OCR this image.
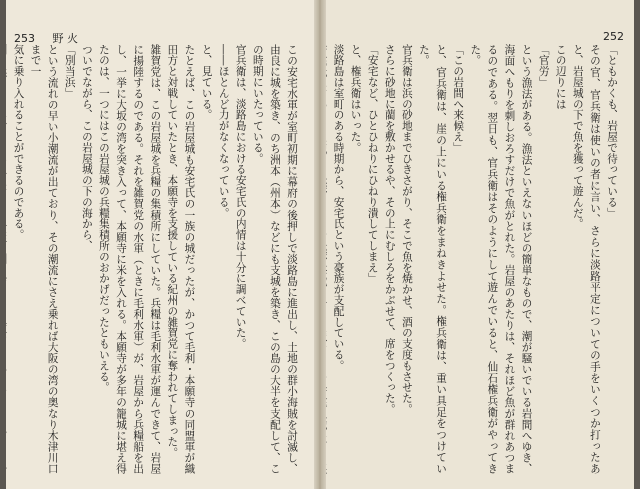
253 野 火

この安宅水軍が室町初期に幕府の後押しで淡路島に進出し、土地の群小海賊を討滅し、由良に城を築き、のち洲本（州本）などにも支城を築き、この島の大半を支配して、この時期にいたっている。

官兵衛は、淡路島における安宅氏の内情は十分に調べていた。

――ほとんど力がなくなっている。

と、見ている。

たとえば、この岩屋城も安宅氏の一族の城だったが、かつて毛利・本願寺の同盟軍が織田方と対戦していたとき、本願寺を支援している紀州の雑賀党に奪われてしまった。

雑賀党は、この岩屋城を兵糧の集積所にしていた。兵糧は毛利水軍が運んできて、岩屋に揚陸するのである。それを雑賀党の水軍（ときに毛利水軍）が、岩屋から兵糧船を出し、一挙に大坂の湾を突き入って、本願寺に米を入れる。本願寺が多年の籠城に堪え得たのは、一つにはこの岩屋城の兵糧集積所のおかげだったともいえる。

ついでながら、この岩屋城の下の海から、

「別当浜」

という流れの早い小潮流が出ており、その潮流にさえ乗れば大阪の湾の奥なり木津川口まで一

気に乗り入れることができるのである。

252

「ともかくも、岩屋で待っている」

その官、官兵衛は使いの者に言い、さらに淡路平定についての手をいくつか打ったあと、岩屋城の下で魚を獲って遊んだ。

この辺りには

「官労」

という漁法がある。漁法といえないほどの簡単なもので、潮が騒いでいる岩間へゆき、海面へもりを刺しおろすだけで魚がとれた。岩屋のあたりは、それほど魚が群れあつまるのである。翌日も、官兵衛はそのようにして遊んでいると、仙石権兵衛がやってきた。

「この岩間へ来候え」

と、官兵衛は、崖の上にいる権兵衛をまねきよせた。権兵衛は、重い具足をつけていた。

官兵衛は浜の砂地までひきさがり、そこで魚を焼かせ、酒の支度もさせた。

さらに砂地に藺を敷かせるや、その上にむしろをかぶせて、席をつくった。

「安宅など、ひとひねりにひねり潰してしまえ」

と、権兵衛はいった。

淡路島は室町のある時期から、安宅氏という豪族が支配している。
